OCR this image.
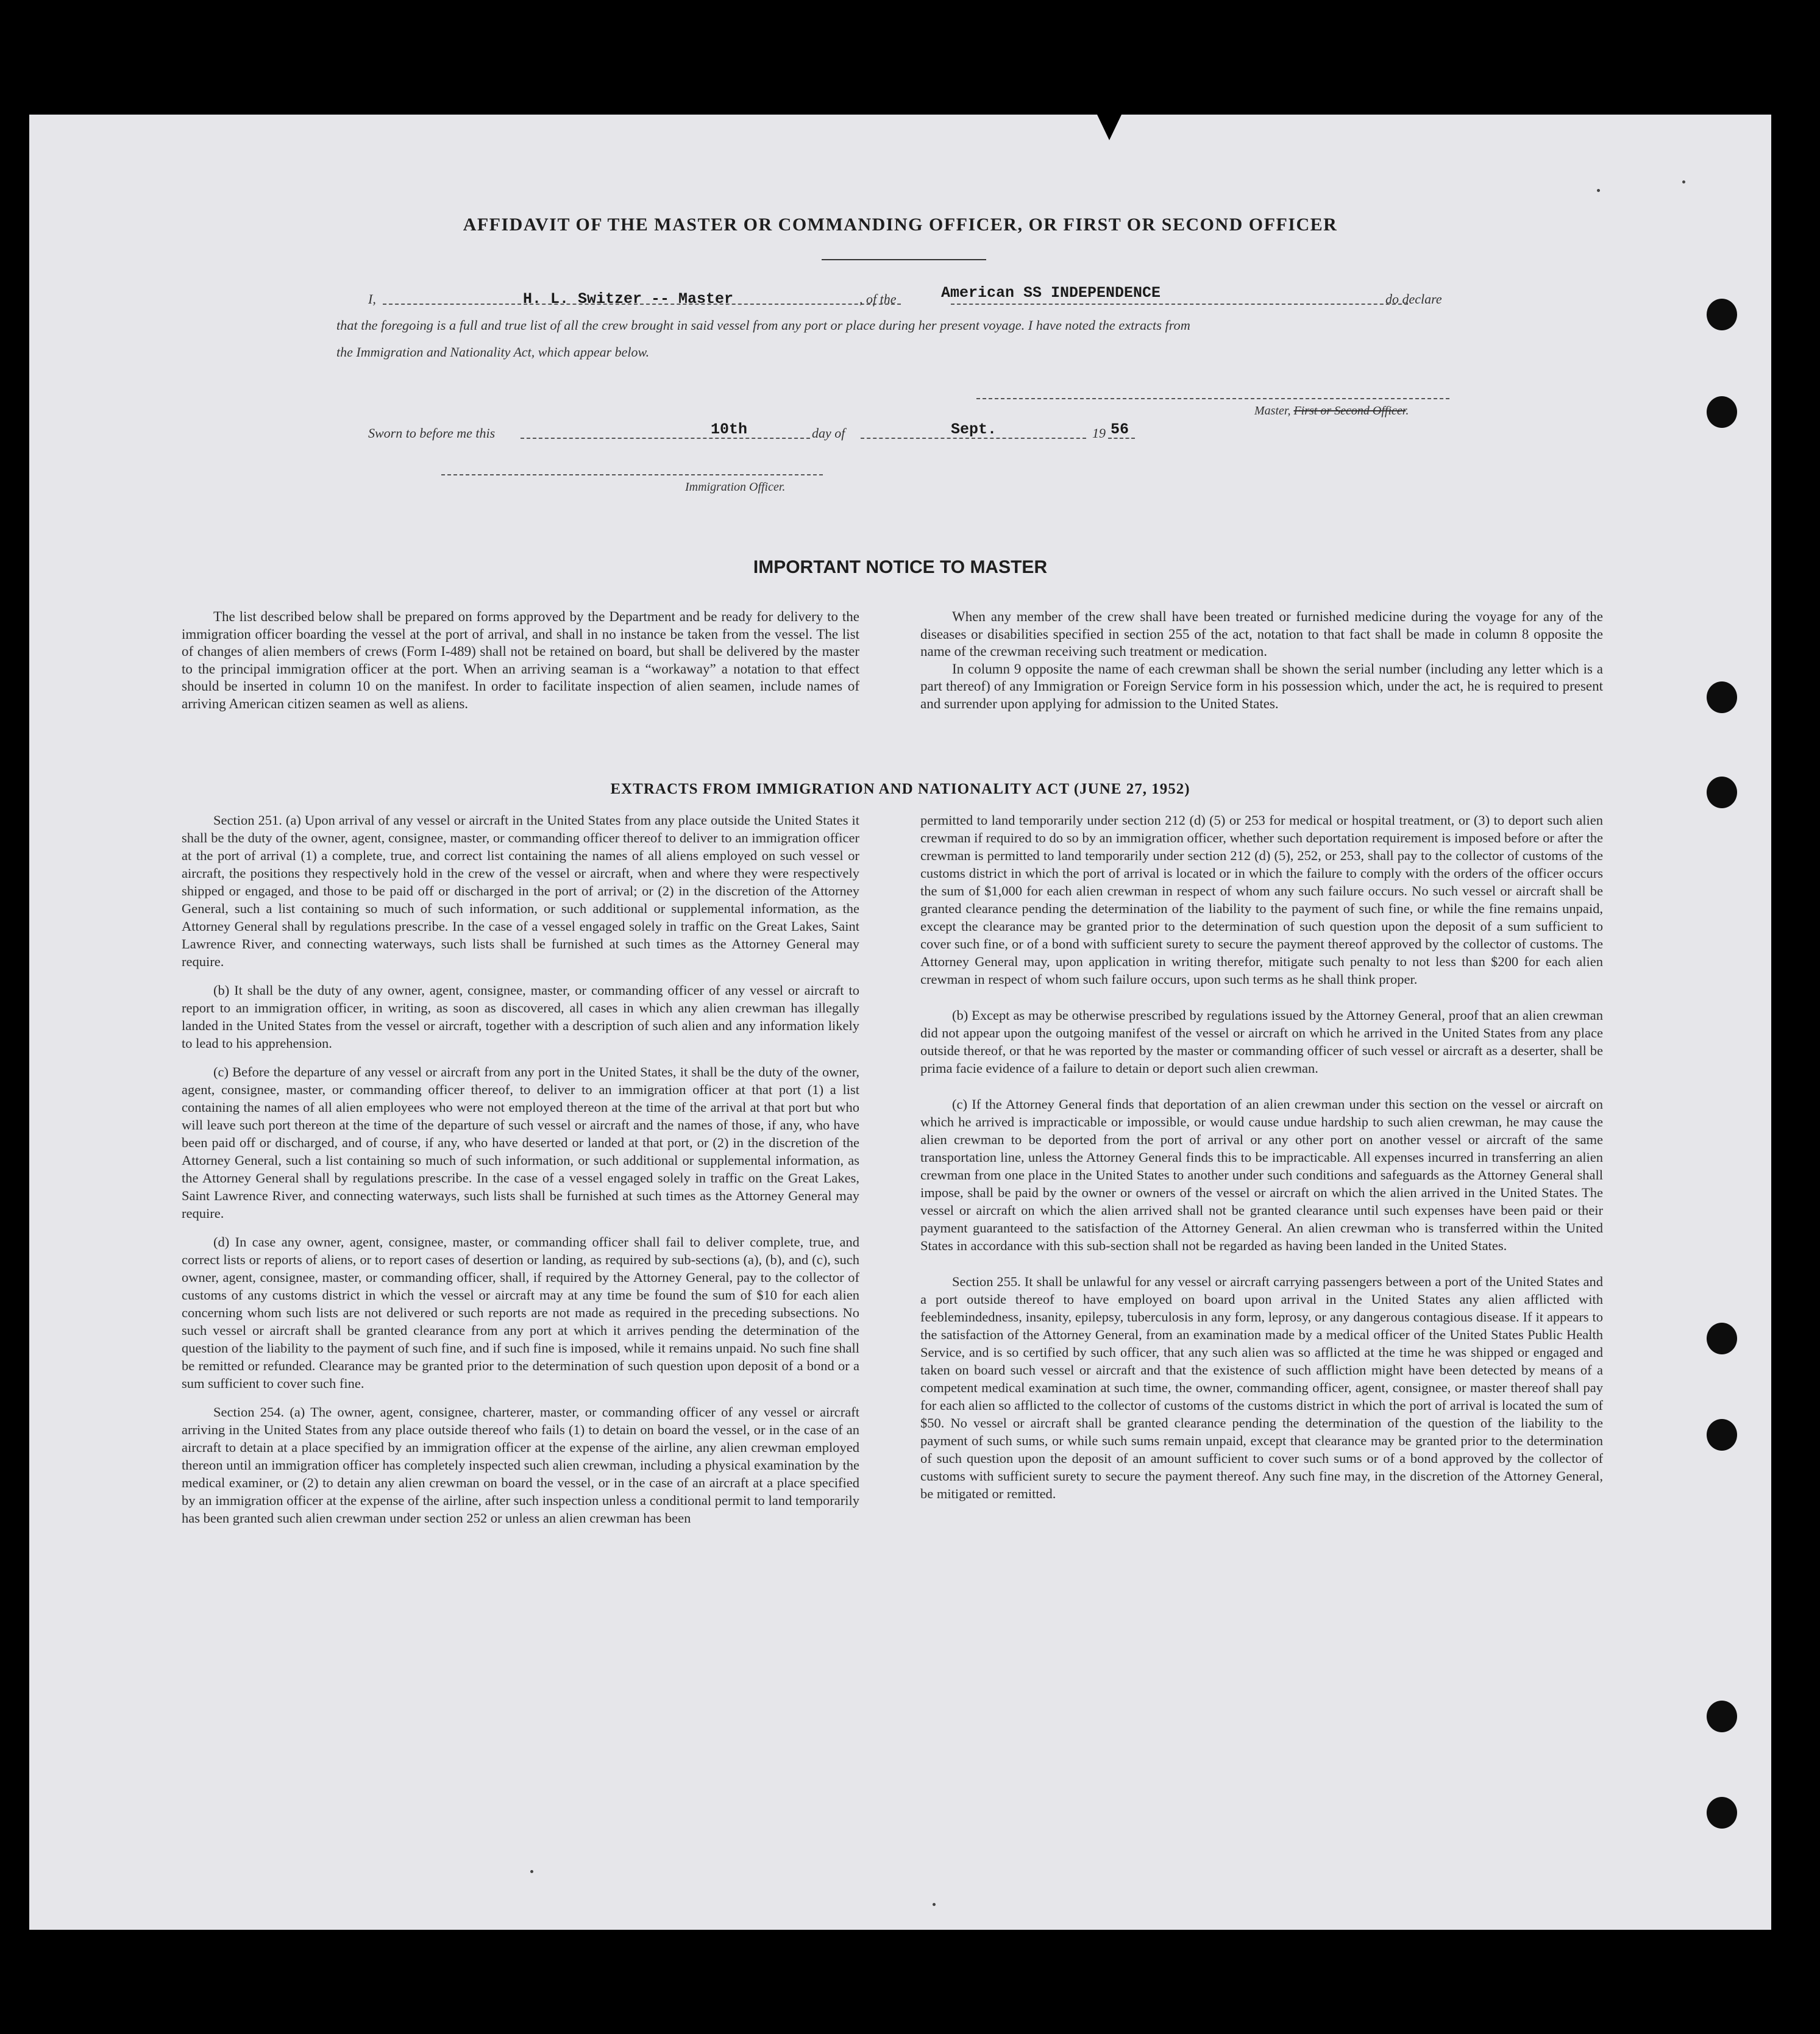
AFFIDAVIT OF THE MASTER OR COMMANDING OFFICER, OR FIRST OR SECOND OFFICER
I,	H. L. Switzer -- Master	, of the	American SS INDEPENDENCE	do declare
that the foregoing is a full and true list of all the crew brought in said vessel from any port or place during her present voyage. I have noted the extracts from
the Immigration and Nationality Act, which appear below.
Master, First or Second Officer.
Sworn to before me this	10th	day of	Sept.	19 56
Immigration Officer.
IMPORTANT NOTICE TO MASTER

The list described below shall be prepared on forms approved by the Department and be ready for delivery to the immigration officer boarding the vessel at the port of arrival, and shall in no instance be taken from the vessel. The list of changes of alien members of crews (Form I-489) shall not be retained on board, but shall be delivered by the master to the principal immigration officer at the port. When an arriving seaman is a “workaway” a notation to that effect should be inserted in column 10 on the manifest. In order to facilitate inspection of alien seamen, include names of arriving American citizen seamen as well as aliens.

When any member of the crew shall have been treated or furnished medicine during the voyage for any of the diseases or disabilities specified in section 255 of the act, notation to that fact shall be made in column 8 opposite the name of the crewman receiving such treatment or medication.

In column 9 opposite the name of each crewman shall be shown the serial number (including any letter which is a part thereof) of any Immigration or Foreign Service form in his possession which, under the act, he is required to present and surrender upon applying for admission to the United States.

EXTRACTS FROM IMMIGRATION AND NATIONALITY ACT (JUNE 27, 1952)

Section 251. (a) Upon arrival of any vessel or aircraft in the United States from any place outside the United States it shall be the duty of the owner, agent, consignee, master, or commanding officer thereof to deliver to an immigration officer at the port of arrival (1) a complete, true, and correct list containing the names of all aliens employed on such vessel or aircraft, the positions they respectively hold in the crew of the vessel or aircraft, when and where they were respectively shipped or engaged, and those to be paid off or discharged in the port of arrival; or (2) in the discretion of the Attorney General, such a list containing so much of such information, or such additional or supplemental information, as the Attorney General shall by regulations prescribe. In the case of a vessel engaged solely in traffic on the Great Lakes, Saint Lawrence River, and connecting waterways, such lists shall be furnished at such times as the Attorney General may require.

(b) It shall be the duty of any owner, agent, consignee, master, or commanding officer of any vessel or aircraft to report to an immigration officer, in writing, as soon as discovered, all cases in which any alien crewman has illegally landed in the United States from the vessel or aircraft, together with a description of such alien and any information likely to lead to his apprehension.

(c) Before the departure of any vessel or aircraft from any port in the United States, it shall be the duty of the owner, agent, consignee, master, or commanding officer thereof, to deliver to an immigration officer at that port (1) a list containing the names of all alien employees who were not employed thereon at the time of the arrival at that port but who will leave such port thereon at the time of the departure of such vessel or aircraft and the names of those, if any, who have been paid off or discharged, and of course, if any, who have deserted or landed at that port, or (2) in the discretion of the Attorney General, such a list containing so much of such information, or such additional or supplemental information, as the Attorney General shall by regulations prescribe. In the case of a vessel engaged solely in traffic on the Great Lakes, Saint Lawrence River, and connecting waterways, such lists shall be furnished at such times as the Attorney General may require.

(d) In case any owner, agent, consignee, master, or commanding officer shall fail to deliver complete, true, and correct lists or reports of aliens, or to report cases of desertion or landing, as required by sub-sections (a), (b), and (c), such owner, agent, consignee, master, or commanding officer, shall, if required by the Attorney General, pay to the collector of customs of any customs district in which the vessel or aircraft may at any time be found the sum of $10 for each alien concerning whom such lists are not delivered or such reports are not made as required in the preceding subsections. No such vessel or aircraft shall be granted clearance from any port at which it arrives pending the determination of the question of the liability to the payment of such fine, and if such fine is imposed, while it remains unpaid. No such fine shall be remitted or refunded. Clearance may be granted prior to the determination of such question upon deposit of a bond or a sum sufficient to cover such fine.

Section 254. (a) The owner, agent, consignee, charterer, master, or commanding officer of any vessel or aircraft arriving in the United States from any place outside thereof who fails (1) to detain on board the vessel, or in the case of an aircraft to detain at a place specified by an immigration officer at the expense of the airline, any alien crewman employed thereon until an immigration officer has completely inspected such alien crewman, including a physical examination by the medical examiner, or (2) to detain any alien crewman on board the vessel, or in the case of an aircraft at a place specified by an immigration officer at the expense of the airline, after such inspection unless a conditional permit to land temporarily has been granted such alien crewman under section 252 or unless an alien crewman has been

permitted to land temporarily under section 212 (d) (5) or 253 for medical or hospital treatment, or (3) to deport such alien crewman if required to do so by an immigration officer, whether such deportation requirement is imposed before or after the crewman is permitted to land temporarily under section 212 (d) (5), 252, or 253, shall pay to the collector of customs of the customs district in which the port of arrival is located or in which the failure to comply with the orders of the officer occurs the sum of $1,000 for each alien crewman in respect of whom any such failure occurs. No such vessel or aircraft shall be granted clearance pending the determination of the liability to the payment of such fine, or while the fine remains unpaid, except the clearance may be granted prior to the determination of such question upon the deposit of a sum sufficient to cover such fine, or of a bond with sufficient surety to secure the payment thereof approved by the collector of customs. The Attorney General may, upon application in writing therefor, mitigate such penalty to not less than $200 for each alien crewman in respect of whom such failure occurs, upon such terms as he shall think proper.

(b) Except as may be otherwise prescribed by regulations issued by the Attorney General, proof that an alien crewman did not appear upon the outgoing manifest of the vessel or aircraft on which he arrived in the United States from any place outside thereof, or that he was reported by the master or commanding officer of such vessel or aircraft as a deserter, shall be prima facie evidence of a failure to detain or deport such alien crewman.

(c) If the Attorney General finds that deportation of an alien crewman under this section on the vessel or aircraft on which he arrived is impracticable or impossible, or would cause undue hardship to such alien crewman, he may cause the alien crewman to be deported from the port of arrival or any other port on another vessel or aircraft of the same transportation line, unless the Attorney General finds this to be impracticable. All expenses incurred in transferring an alien crewman from one place in the United States to another under such conditions and safeguards as the Attorney General shall impose, shall be paid by the owner or owners of the vessel or aircraft on which the alien arrived in the United States. The vessel or aircraft on which the alien arrived shall not be granted clearance until such expenses have been paid or their payment guaranteed to the satisfaction of the Attorney General. An alien crewman who is transferred within the United States in accordance with this sub-section shall not be regarded as having been landed in the United States.

Section 255. It shall be unlawful for any vessel or aircraft carrying passengers between a port of the United States and a port outside thereof to have employed on board upon arrival in the United States any alien afflicted with feeblemindedness, insanity, epilepsy, tuberculosis in any form, leprosy, or any dangerous contagious disease. If it appears to the satisfaction of the Attorney General, from an examination made by a medical officer of the United States Public Health Service, and is so certified by such officer, that any such alien was so afflicted at the time he was shipped or engaged and taken on board such vessel or aircraft and that the existence of such affliction might have been detected by means of a competent medical examination at such time, the owner, commanding officer, agent, consignee, or master thereof shall pay for each alien so afflicted to the collector of customs of the customs district in which the port of arrival is located the sum of $50. No vessel or aircraft shall be granted clearance pending the determination of the question of the liability to the payment of such sums, or while such sums remain unpaid, except that clearance may be granted prior to the determination of such question upon the deposit of an amount sufficient to cover such sums or of a bond approved by the collector of customs with sufficient surety to secure the payment thereof. Any such fine may, in the discretion of the Attorney General, be mitigated or remitted.
